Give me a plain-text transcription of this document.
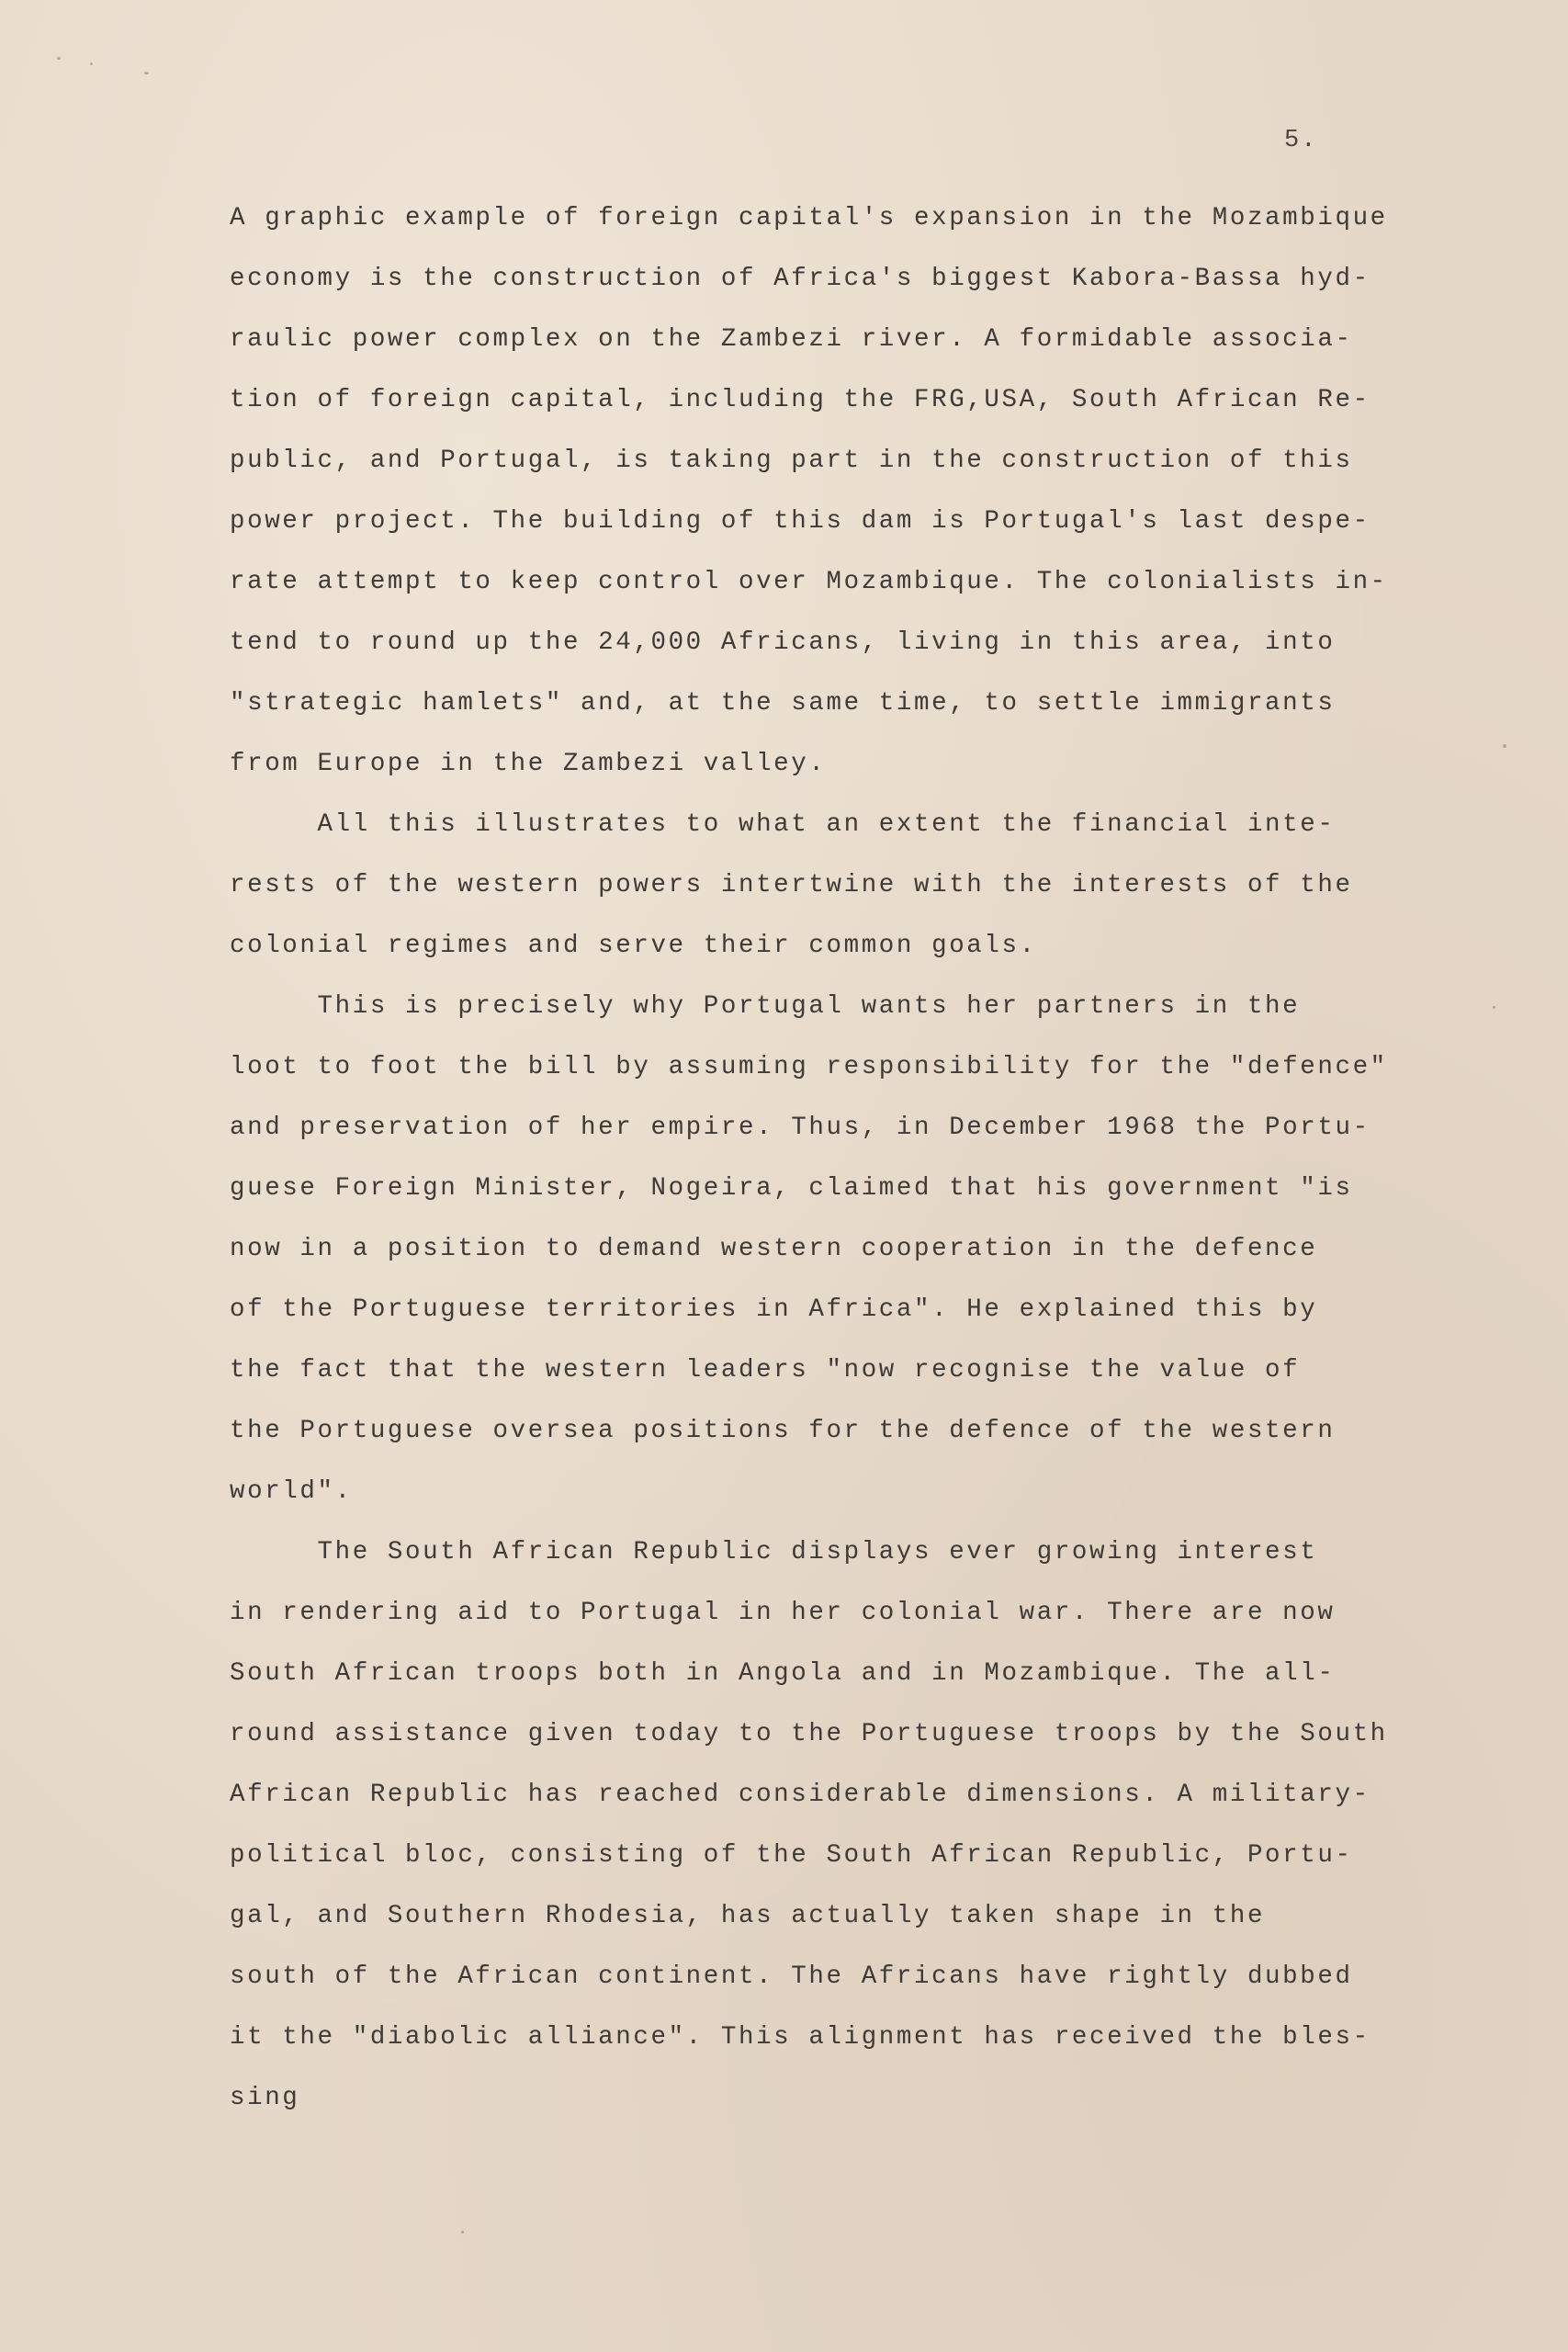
5.
A graphic example of foreign capital's expansion in the Mozambique
economy is the construction of Africa's biggest Kabora-Bassa hyd-
raulic power complex on the Zambezi river. A formidable associa-
tion of foreign capital, including the FRG,USA, South African Re-
public, and Portugal, is taking part in the construction of this
power project. The building of this dam is Portugal's last despe-
rate attempt to keep control over Mozambique. The colonialists in-
tend to round up the 24,000 Africans, living in this area, into
"strategic hamlets" and, at the same time, to settle immigrants
from Europe in the Zambezi valley.
All this illustrates to what an extent the financial inte-
rests of the western powers intertwine with the interests of the
colonial regimes and serve their common goals.
This is precisely why Portugal wants her partners in the
loot to foot the bill by assuming responsibility for the "defence"
and preservation of her empire. Thus, in December 1968 the Portu-
guese Foreign Minister, Nogeira, claimed that his government "is
now in a position to demand western cooperation in the defence
of the Portuguese territories in Africa". He explained this by
the fact that the western leaders "now recognise the value of
the Portuguese oversea positions for the defence of the western
world".
The South African Republic displays ever growing interest
in rendering aid to Portugal in her colonial war. There are now
South African troops both in Angola and in Mozambique. The all-
round assistance given today to the Portuguese troops by the South
African Republic has reached considerable dimensions. A military-
political bloc, consisting of the South African Republic, Portu-
gal, and Southern Rhodesia, has actually taken shape in the
south of the African continent. The Africans have rightly dubbed
it the "diabolic alliance". This alignment has received the bles-
sing
